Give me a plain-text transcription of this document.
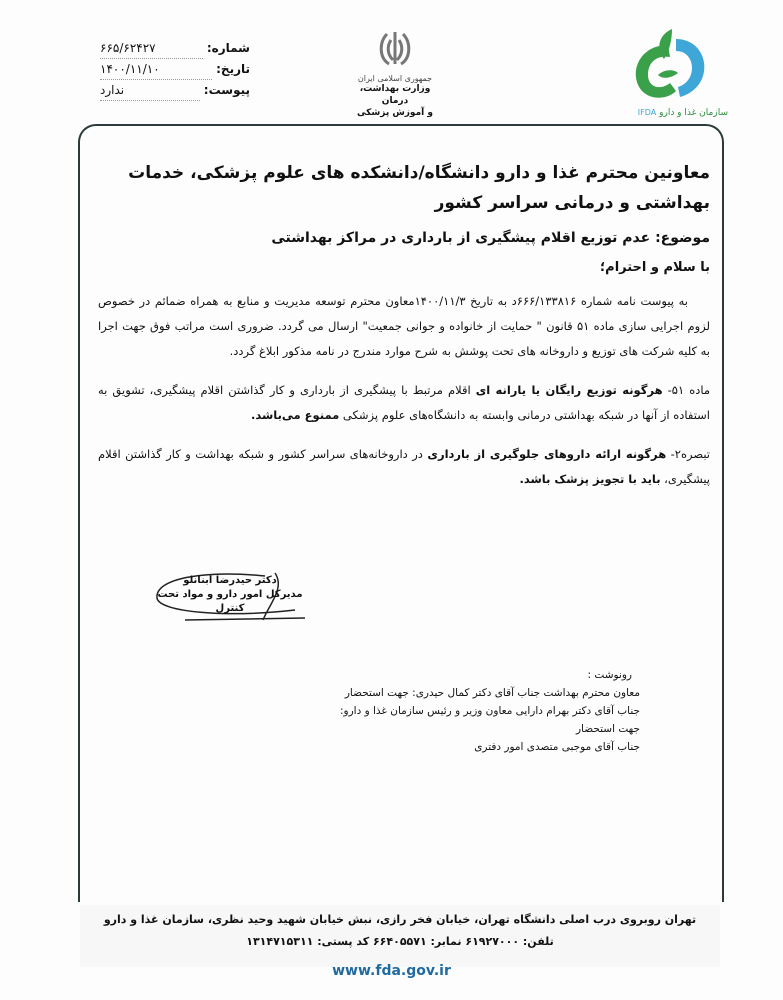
شماره:
۶۶۵/۶۲۴۲۷
تاریخ:
۱۴۰۰/۱۱/۱۰
پیوست:
ندارد
جمهوری اسلامی ایران
وزارت بهداشت، درمان
و آموزش پزشکی	سازمان غذا و دارو IFDA
معاونین محترم غذا و دارو دانشگاه/دانشکده های علوم پزشکی، خدمات بهداشتی و درمانی سراسر کشور
موضوع: عدم توزیع اقلام پیشگیری از بارداری در مراکز بهداشتی
با سلام و احترام؛
به پیوست نامه شماره ۶۶۶/۱۳۳۸۱۶د به تاریخ ۱۴۰۰/۱۱/۳معاون محترم توسعه مدیریت و منابع به همراه ضمائم در خصوص لزوم اجرایی سازی ماده ۵۱ قانون " حمایت از خانواده و جوانی جمعیت" ارسال می گردد. ضروری است مراتب فوق جهت اجرا به کلیه شرکت های توزیع و داروخانه های تحت پوشش به شرح موارد مندرج در نامه مذکور ابلاغ گردد.
ماده ۵۱- هرگونه توزیع رایگان یا یارانه ای اقلام مرتبط با پیشگیری از بارداری و کار گذاشتن اقلام پیشگیری، تشویق به استفاده از آنها در شبکه بهداشتی درمانی وابسته به دانشگاه‌های علوم پزشکی ممنوع می‌باشد.
تبصره۲- هرگونه ارائه داروهای جلوگیری از بارداری در داروخانه‌های سراسر کشور و شبکه بهداشت و کار گذاشتن اقلام پیشگیری، باید با تجویز پزشک باشد.
دکتر حیدرضا ابنانلو
مدیرکل امور دارو و مواد تحت کنترل
رونوشت :
معاون محترم بهداشت جناب آقای دکتر کمال حیدری: جهت استحضار
جناب آقای دکتر بهرام دارایی معاون وزیر و رئیس سازمان غذا و دارو: جهت استحضار
جناب آقای موجبی متصدی امور دفتری
تهران روبروی درب اصلی دانشگاه تهران، خیابان فخر رازی، نبش خیابان شهید وحید نظری، سازمان غذا و دارو
تلفن: ۶۱۹۲۷۰۰۰ نمابر: ۶۶۴۰۵۵۷۱ کد پستی: ۱۳۱۴۷۱۵۳۱۱
www.fda.gov.ir
